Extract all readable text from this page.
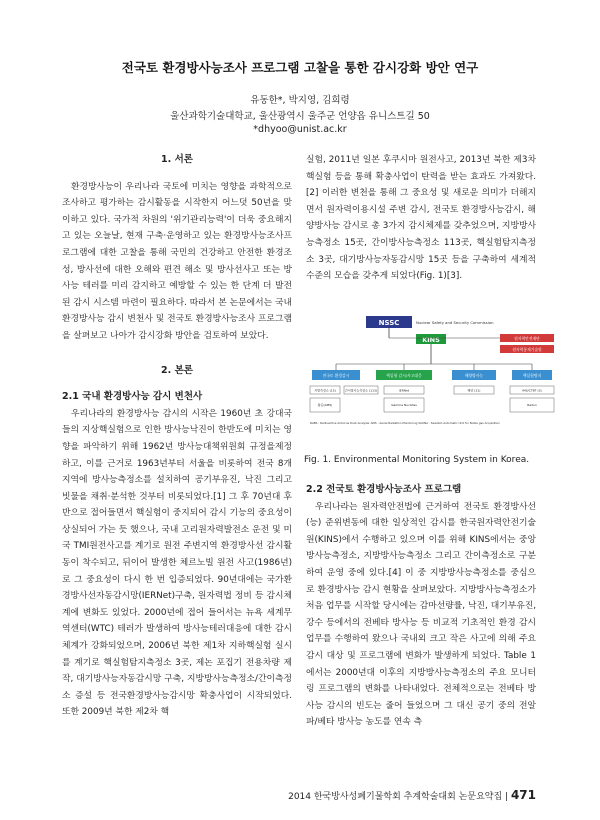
전국토 환경방사능조사 프로그램 고찰을 통한 감시강화 방안 연구
유동한*, 박지영, 김희령
울산과학기술대학교, 울산광역시 울주군 언양읍 유니스트길 50
*dhyoo@unist.ac.kr

1. 서론

환경방사능이 우리나라 국토에 미치는 영향을 과학적으로 조사하고 평가하는 감시활동을 시작한지 어느덧 50년을 맞이하고 있다. 국가적 차원의 '위기관리능력'이 더욱 중요해지고 있는 오늘날, 현재 구축·운영하고 있는 환경방사능조사프로그램에 대한 고찰을 통해 국민의 건강하고 안전한 환경조성, 방사선에 대한 오해와 편견 해소 및 방사선사고 또는 방사능 테러를 미리 감지하고 예방할 수 있는 한 단계 더 발전된 감시 시스템 마련이 필요하다. 따라서 본 논문에서는 국내 환경방사능 감시 변천사 및 전국토 환경방사능조사 프로그램을 살펴보고 나아가 감시강화 방안을 검토하여 보았다.

2. 본론

2.1 국내 환경방사능 감시 변천사

우리나라의 환경방사능 감시의 시작은 1960년 초 강대국들의 지상핵실험으로 인한 방사능낙진이 한반도에 미치는 영향을 파악하기 위해 1962년 방사능대책위원회 규정을제정하고, 이를 근거로 1963년부터 서울을 비롯하여 전국 8개 지역에 방사능측정소를 설치하여 공기부유진, 낙진 그리고 빗물을 채취·분석한 것부터 비롯되었다.[1] 그 후 70년대 후반으로 접어들면서 핵실험이 중지되어 감시 기능의 중요성이 상실되어 가는 듯 했으나, 국내 고리원자력발전소 운전 및 미국 TMI원전사고를 계기로 원전 주변지역 환경방사선 감시활동이 착수되고, 뒤이어 발생한 체르노빌 원전 사고(1986년)로 그 중요성이 다시 한 번 입증되었다. 90년대에는 국가환경방사선자동감시망(IERNet)구축, 원자력법 정비 등 감시체계에 변화도 있었다. 2000년에 접어 들어서는 뉴욕 세계무역센터(WTC) 테러가 발생하여 방사능테러대응에 대한 감시체계가 강화되었으며, 2006년 북한 제1차 지하핵실험 실시를 계기로 핵실험탐지측정소 3곳, 제논 포집기 전용차량 제작, 대기방사능자동감시망 구축, 지방방사능측정소/간이측정소 증설 등 전국환경방사능감시망 확충사업이 시작되었다. 또한 2009년 북한 제2차 핵

실험, 2011년 일본 후쿠시마 원전사고, 2013년 북한 제3차 핵실험 등을 통해 확충사업이 탄력을 받는 효과도 가져왔다.[2] 이러한 변천을 통해 그 중요성 및 새로운 의미가 더해지면서 원자력이용시설 주변 감시, 전국토 환경방사능감시, 해양방사능 감시로 총 3가지 감시체제를 갖추었으며, 지방방사능측정소 15곳, 간이방사능측정소 113곳, 핵실험탐지측정소 3곳, 대기방사능자동감시망 15곳 등을 구축하여 세계적 수준의 모습을 갖추게 되었다(Fig. 1)[3].

NSSC	Nuclear Safety and Security Commission
KINS	원자력안전재단
원자력통제기술원
전국토 환경감시	핵실험 감시/사고대응	해양방사능	핵실험탐지
지방측정소 (15)	간이방사능측정소 (113)	IERNet	해양 (21)	IMS/CTBT (3)
항공(AMS)	Gamma Nuclides	Radon
RABS : Radioactive Airborne Dust Analyzer AMS : Aerial Radiation Monitoring SAUNA : Swedish Automatic Unit for Noble gas Acquisition
Fig. 1. Environmental Monitoring System in Korea.

2.2 전국토 환경방사능조사 프로그램

우리나라는 원자력안전법에 근거하여 전국토 환경방사선(능) 준위변동에 대한 일상적인 감시를 한국원자력안전기술원(KINS)에서 수행하고 있으며 이를 위해 KINS에서는 중앙방사능측정소, 지방방사능측정소 그리고 간이측정소로 구분하여 운영 중에 있다.[4] 이 중 지방방사능측정소를 중심으로 환경방사능 감시 현황을 살펴보았다. 지방방사능측정소가 처음 업무를 시작할 당시에는 감마선량률, 낙진, 대기부유진, 강수 등에서의 전베타 방사능 등 비교적 기초적인 환경 감시 업무를 수행하여 왔으나 국내외 크고 작은 사고에 의해 주요감시 대상 및 프로그램에 변화가 발생하게 되었다. Table 1에서는 2000년대 이후의 지방방사능측정소의 주요 모니터링 프로그램의 변화를 나타내었다. 전체적으로는 전베타 방사능 감시의 빈도는 줄어 들었으며 그 대신 공기 중의 전알파/베타 방사능 농도를 연속 측

2014 한국방사성폐기물학회 추계학술대회 논문요약집 | 471
